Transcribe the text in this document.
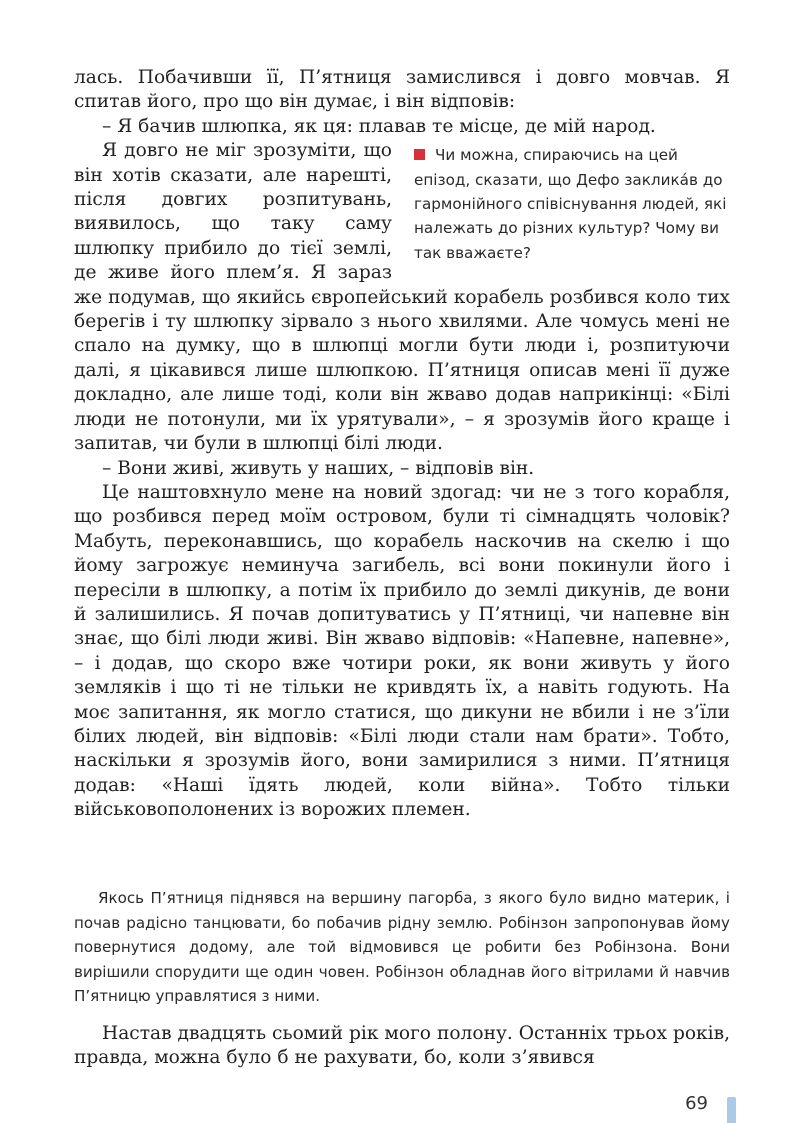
лась. Побачивши її, П’ятниця замислився і довго мовчав. Я спитав його, про що він думає, і він відповів:
– Я бачив шлюпка, як ця: плавав те місце, де мій народ.
Чи можна, спираючись на цей епізод, сказати, що Дефо заклика́в до гармонійного співіснування людей, які належать до різних культур? Чому ви так вважаєте?
Я довго не міг зрозуміти, що він хотів сказати, але нарешті, після довгих розпитувань, виявилось, що таку саму шлюпку прибило до тієї землі, де живе його плем’я. Я зараз же подумав, що якийсь європейський корабель розбився коло тих берегів і ту шлюпку зірвало з нього хвилями. Але чомусь мені не спало на думку, що в шлюпці могли бути люди і, розпитуючи далі, я цікавився лише шлюпкою. П’ятниця описав мені її дуже докладно, але лише тоді, коли він жваво додав наприкінці: «Білі люди не потонули, ми їх урятували», – я зрозумів його краще і запитав, чи були в шлюпці білі люди.
– Вони живі, живуть у наших, – відповів він.
Це наштовхнуло мене на новий здогад: чи не з того корабля, що розбився перед моїм островом, були ті сімнадцять чоловік? Мабуть, переконавшись, що корабель наскочив на скелю і що йому загрожує неминуча загибель, всі вони покинули його і пересіли в шлюпку, а потім їх прибило до землі дикунів, де вони й залишились. Я почав допитуватись у П’ятниці, чи напевне він знає, що білі люди живі. Він жваво відповів: «Напевне, напевне», – і додав, що скоро вже чотири роки, як вони живуть у його земляків і що ті не тільки не кривдять їх, а навіть годують. На моє запитання, як могло статися, що дикуни не вбили і не з’їли білих людей, він відповів: «Білі люди стали нам брати». Тобто, наскільки я зрозумів його, вони замирилися з ними. П’ятниця додав: «Наші їдять людей, коли війна». Тобто тільки військовополонених із ворожих племен.

Якось П’ятниця піднявся на вершину пагорба, з якого було видно материк, і почав радісно танцювати, бо побачив рідну землю. Робінзон запропонував йому повернутися додому, але той відмовився це робити без Робінзона. Вони вирішили спорудити ще один човен. Робінзон обладнав його вітрилами й навчив П’ятницю управлятися з ними.

Настав двадцять сьомий рік мого полону. Останніх трьох років, правда, можна було б не рахувати, бо, коли з’явився

69
